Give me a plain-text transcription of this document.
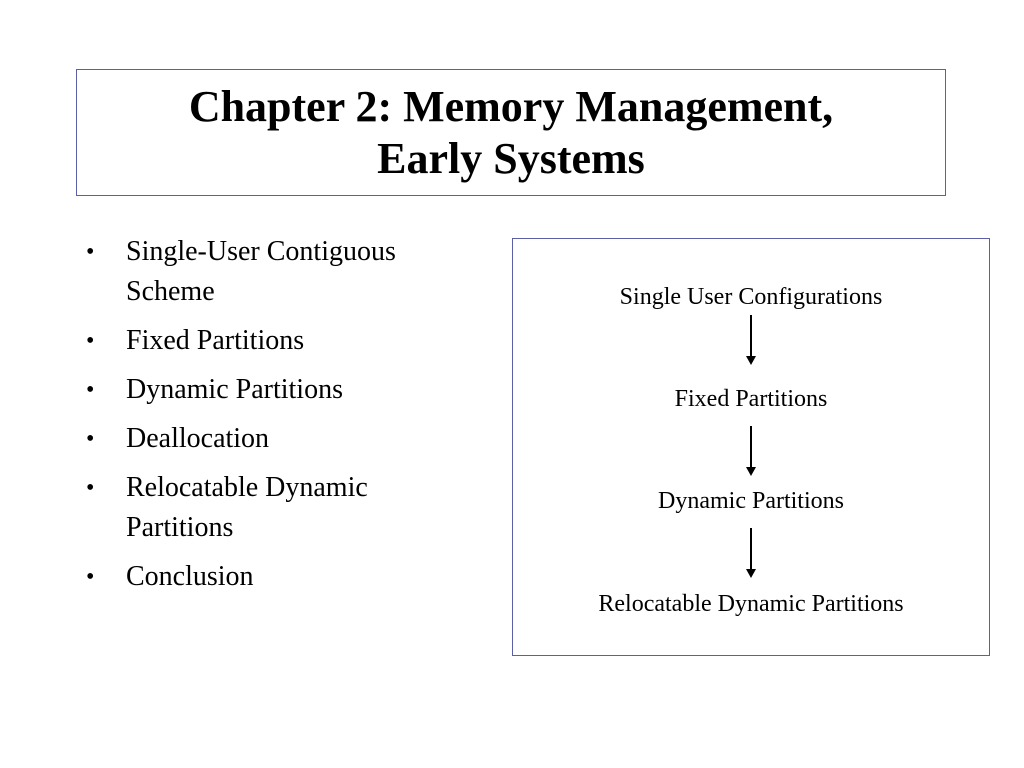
Chapter 2: Memory Management,
Early Systems
• Single-User Contiguous Scheme
• Fixed Partitions
• Dynamic Partitions
• Deallocation
• Relocatable Dynamic Partitions
• Conclusion
Single User Configurations
Fixed Partitions
Dynamic Partitions
Relocatable Dynamic Partitions
